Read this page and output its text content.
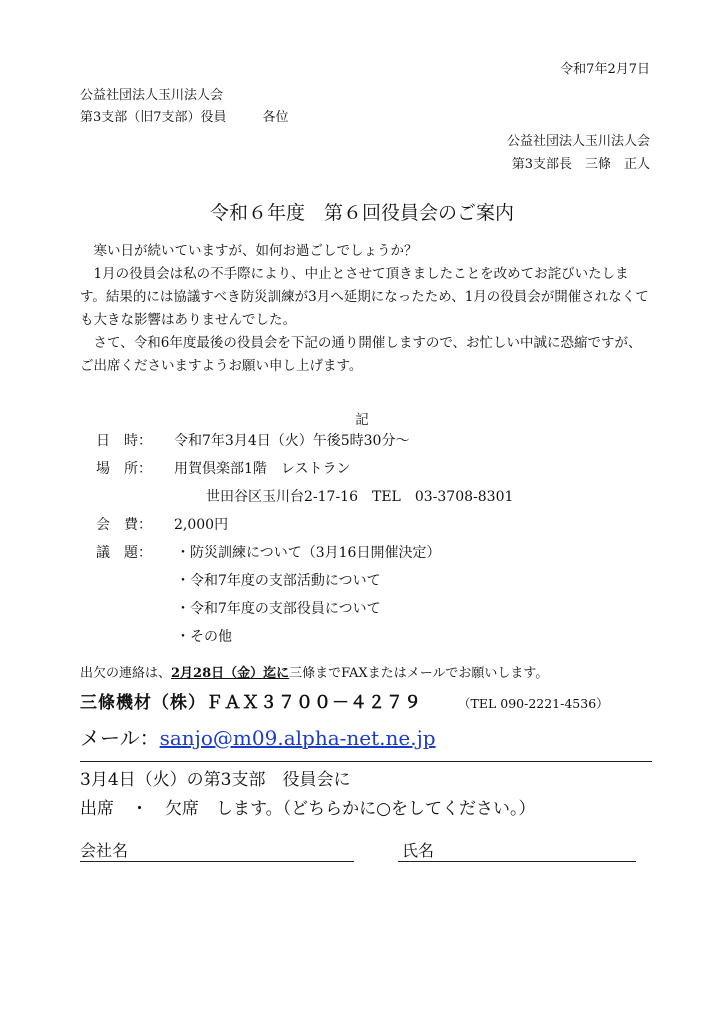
令和7年2月7日
公益社団法人玉川法人会
第3支部（旧7支部）役員	各位
公益社団法人玉川法人会
第3支部長　三條　正人
令和６年度　第６回役員会のご案内

寒い日が続いていますが、如何お過ごしでしょうか？

1月の役員会は私の不手際により、中止とさせて頂きましたことを改めてお詫びいたします。結果的には協議すべき防災訓練が3月へ延期になったため、1月の役員会が開催されなくても大きな影響はありませんでした。

さて、令和6年度最後の役員会を下記の通り開催しますので、お忙しい中誠に恐縮ですが、ご出席くださいますようお願い申し上げます。

記
日　時： 令和7年3月4日（火）午後5時30分～
場　所： 用賀倶楽部1階　レストラン
世田谷区玉川台2-17-16　TEL　03-3708-8301
会　費： 2,000円
議　題：	・防災訓練について（3月16日開催決定）
・令和7年度の支部活動について
・令和7年度の支部役員について
・その他
出欠の連絡は、2月28日（金）迄に三條までFAXまたはメールでお願いします。
三條機材（株）ＦＡＸ３７００－４２７９	（TEL 090-2221-4536）
メール：sanjo@m09.alpha-net.ne.jp
3月4日（火）の第3支部　役員会に
出席　・　欠席　します。（どちらかに○をしてください。）
会社名	氏名
